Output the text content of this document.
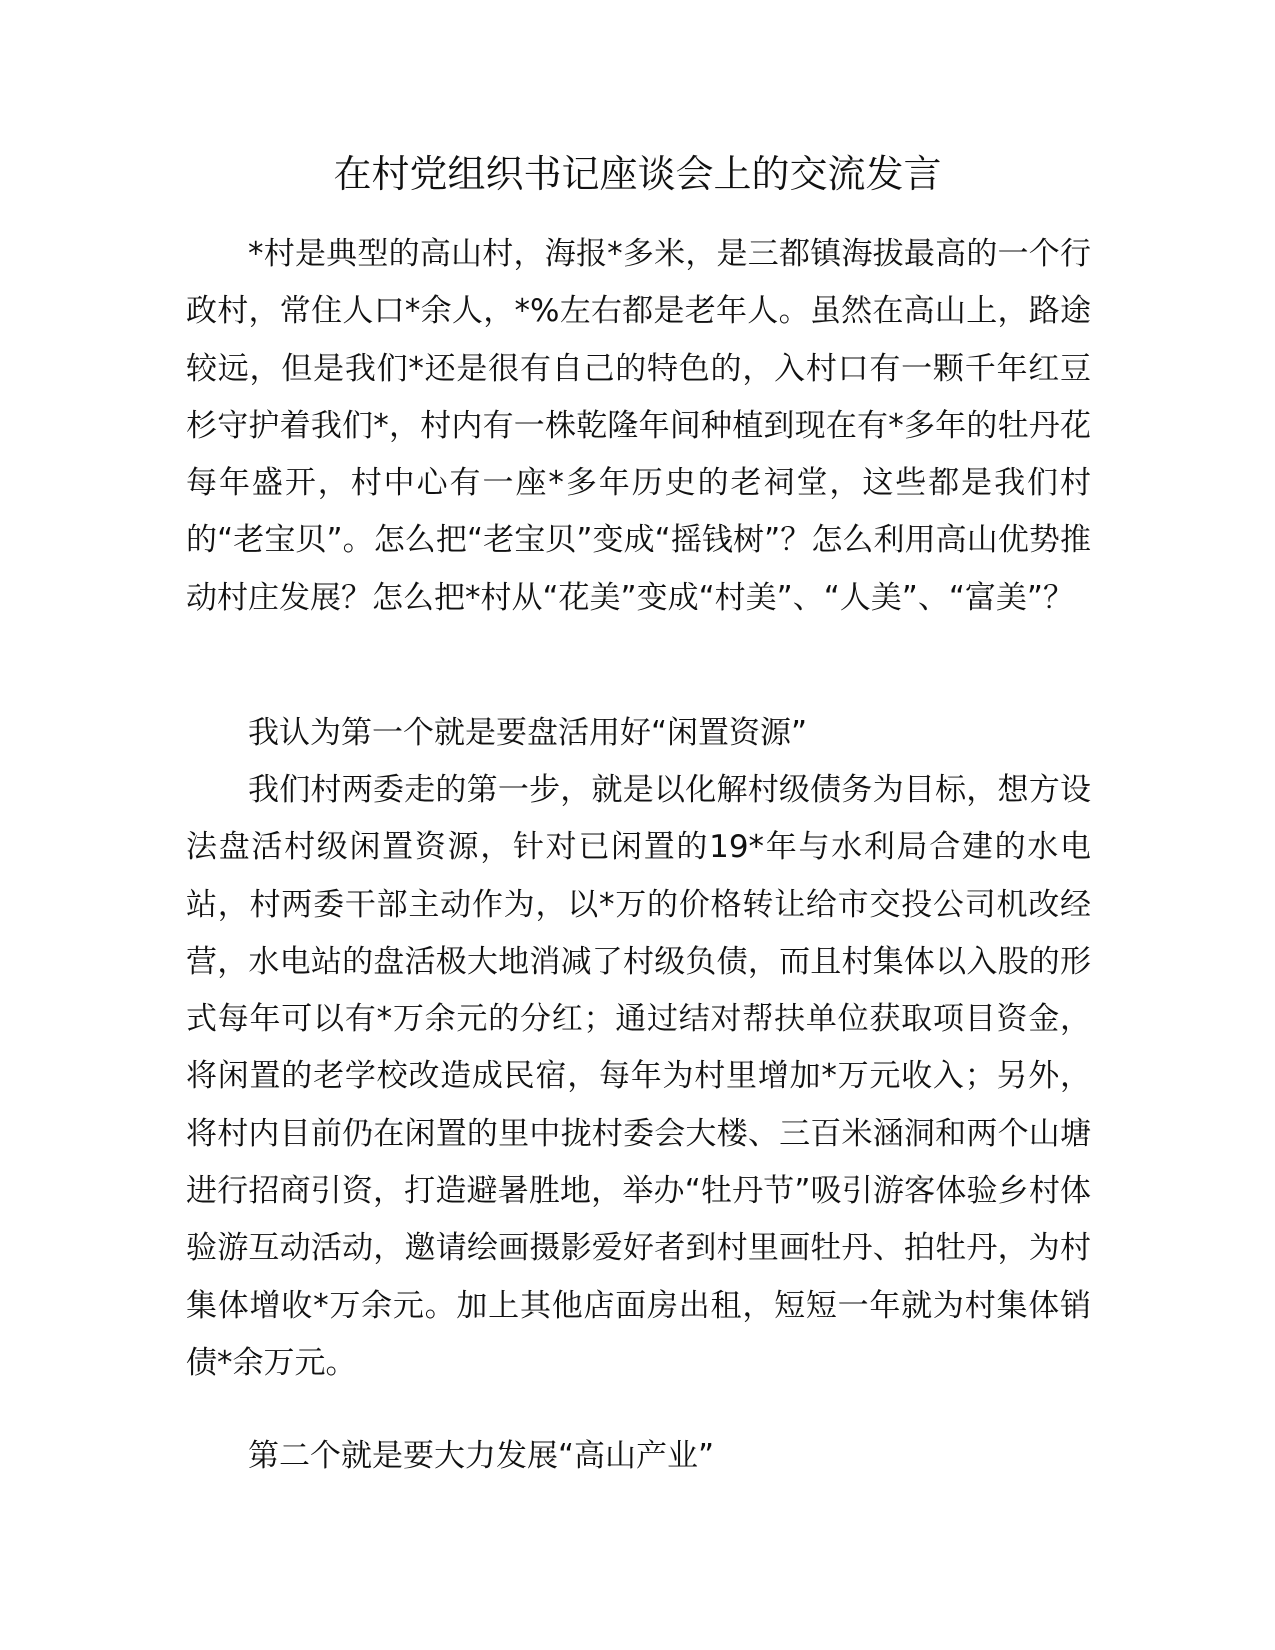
在村党组织书记座谈会上的交流发言

*村是典型的高山村，海报*多米，是三都镇海拔最高的一个行政村，常住人口*余人，*%左右都是老年人。虽然在高山上，路途较远，但是我们*还是很有自己的特色的，入村口有一颗千年红豆杉守护着我们*，村内有一株乾隆年间种植到现在有*多年的牡丹花每年盛开，村中心有一座*多年历史的老祠堂，这些都是我们村的“老宝贝”。怎么把“老宝贝”变成“摇钱树”？怎么利用高山优势推动村庄发展？怎么把*村从“花美”变成“村美”、“人美”、“富美”？

我认为第一个就是要盘活用好“闲置资源”

我们村两委走的第一步，就是以化解村级债务为目标，想方设法盘活村级闲置资源，针对已闲置的19*年与水利局合建的水电站，村两委干部主动作为，以*万的价格转让给市交投公司机改经营，水电站的盘活极大地消减了村级负债，而且村集体以入股的形式每年可以有*万余元的分红；通过结对帮扶单位获取项目资金，将闲置的老学校改造成民宿，每年为村里增加*万元收入；另外，将村内目前仍在闲置的里中拢村委会大楼、三百米涵洞和两个山塘进行招商引资，打造避暑胜地，举办“牡丹节”吸引游客体验乡村体验游互动活动，邀请绘画摄影爱好者到村里画牡丹、拍牡丹，为村集体增收*万余元。加上其他店面房出租，短短一年就为村集体销债*余万元。

第二个就是要大力发展“高山产业”
